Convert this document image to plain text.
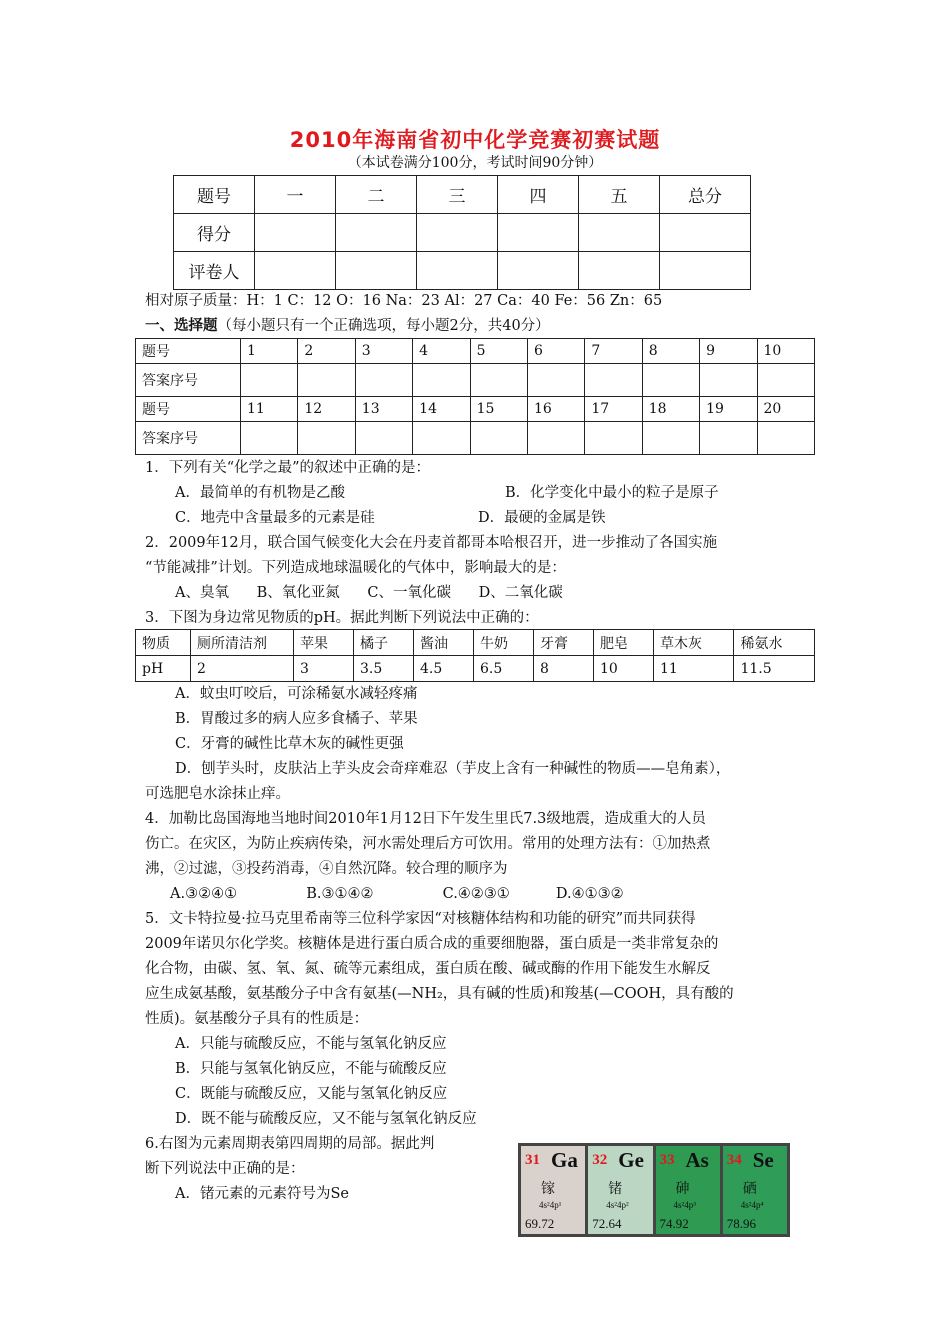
2010年海南省初中化学竞赛初赛试题
（本试卷满分100分，考试时间90分钟）
题号	一	二	三	四	五	总分
得分						
评卷人						
相对原子质量：H：1 C：12 O：16 Na：23 Al：27 Ca：40 Fe：56 Zn：65
一、选择题（每小题只有一个正确选项，每小题2分，共40分）
题号	1	2	3	4	5	6	7	8	9	10
答案序号										
题号	11	12	13	14	15	16	17	18	19	20
答案序号										
1．下列有关“化学之最”的叙述中正确的是：
A．最简单的有机物是乙酸	B．化学变化中最小的粒子是原子
C．地壳中含量最多的元素是硅	D．最硬的金属是铁
2．2009年12月，联合国气候变化大会在丹麦首都哥本哈根召开，进一步推动了各国实施
“节能减排”计划。下列造成地球温暖化的气体中，影响最大的是：
A、臭氧      B、氧化亚氮      C、一氧化碳      D、二氧化碳
3．下图为身边常见物质的pH。据此判断下列说法中正确的：
物质	厕所清洁剂	苹果	橘子	酱油	牛奶	牙膏	肥皂	草木灰	稀氨水
pH	2	3	3.5	4.5	6.5	8	10	11	11.5
A．蚊虫叮咬后，可涂稀氨水减轻疼痛
B．胃酸过多的病人应多食橘子、苹果
C．牙膏的碱性比草木灰的碱性更强
D．刨芋头时，皮肤沾上芋头皮会奇痒难忍（芋皮上含有一种碱性的物质——皂角素），
可选肥皂水涂抹止痒。
4．加勒比岛国海地当地时间2010年1月12日下午发生里氏7.3级地震，造成重大的人员
伤亡。在灾区，为防止疾病传染，河水需处理后方可饮用。常用的处理方法有：①加热煮
沸，②过滤，③投药消毒，④自然沉降。较合理的顺序为
A.③②④①               B.③①④②               C.④②③①          D.④①③②
5．文卡特拉曼·拉马克里希南等三位科学家因“对核糖体结构和功能的研究”而共同获得
2009年诺贝尔化学奖。核糖体是进行蛋白质合成的重要细胞器，蛋白质是一类非常复杂的
化合物，由碳、氢、氧、氮、硫等元素组成，蛋白质在酸、碱或酶的作用下能发生水解反
应生成氨基酸，氨基酸分子中含有氨基(—NH₂，具有碱的性质)和羧基(—COOH，具有酸的
性质)。氨基酸分子具有的性质是：
A．只能与硫酸反应，不能与氢氧化钠反应
B．只能与氢氧化钠反应，不能与硫酸反应
C．既能与硫酸反应，又能与氢氧化钠反应
D．既不能与硫酸反应，又不能与氢氧化钠反应
6.右图为元素周期表第四周期的局部。据此判
断下列说法中正确的是：
A．锗元素的元素符号为Se
31 Ga
镓
4s²4p¹
69.72
32 Ge
锗
4s²4p²
72.64
33 As
砷
4s²4p³
74.92
34 Se
硒
4s²4p⁴
78.96
